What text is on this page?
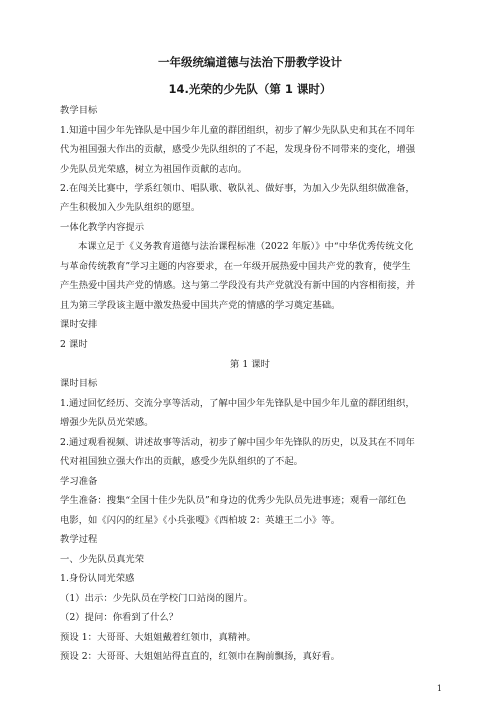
一年级统编道德与法治下册教学设计
14.光荣的少先队（第 1 课时）
教学目标
1.知道中国少年先锋队是中国少年儿童的群团组织，初步了解少先队队史和其在不同年
代为祖国强大作出的贡献，感受少先队组织的了不起，发现身份不同带来的变化，增强
少先队员光荣感，树立为祖国作贡献的志向。
2.在闯关比赛中，学系红领巾、唱队歌、敬队礼、做好事，为加入少先队组织做准备，
产生积极加入少先队组织的愿望。
一体化教学内容提示
本课立足于《义务教育道德与法治课程标准（2022 年版）》中“中华优秀传统文化
与革命传统教育”学习主题的内容要求，在一年级开展热爱中国共产党的教育，使学生
产生热爱中国共产党的情感。这与第二学段没有共产党就没有新中国的内容相衔接，并
且为第三学段该主题中激发热爱中国共产党的情感的学习奠定基础。
课时安排
2 课时
第 1 课时
课时目标
1.通过回忆经历、交流分享等活动，了解中国少年先锋队是中国少年儿童的群团组织，
增强少先队员光荣感。
2.通过观看视频、讲述故事等活动，初步了解中国少年先锋队的历史，以及其在不同年
代对祖国独立强大作出的贡献，感受少先队组织的了不起。
学习准备
学生准备：搜集“全国十佳少先队员”和身边的优秀少先队员先进事迹；观看一部红色
电影，如《闪闪的红星》《小兵张嘎》《西柏坡 2：英雄王二小》等。
教学过程
一、少先队员真光荣
1.身份认同光荣感
（1）出示：少先队员在学校门口站岗的图片。
（2）提问：你看到了什么？
预设 1：大哥哥、大姐姐戴着红领巾，真精神。
预设 2：大哥哥、大姐姐站得直直的，红领巾在胸前飘扬，真好看。
1
